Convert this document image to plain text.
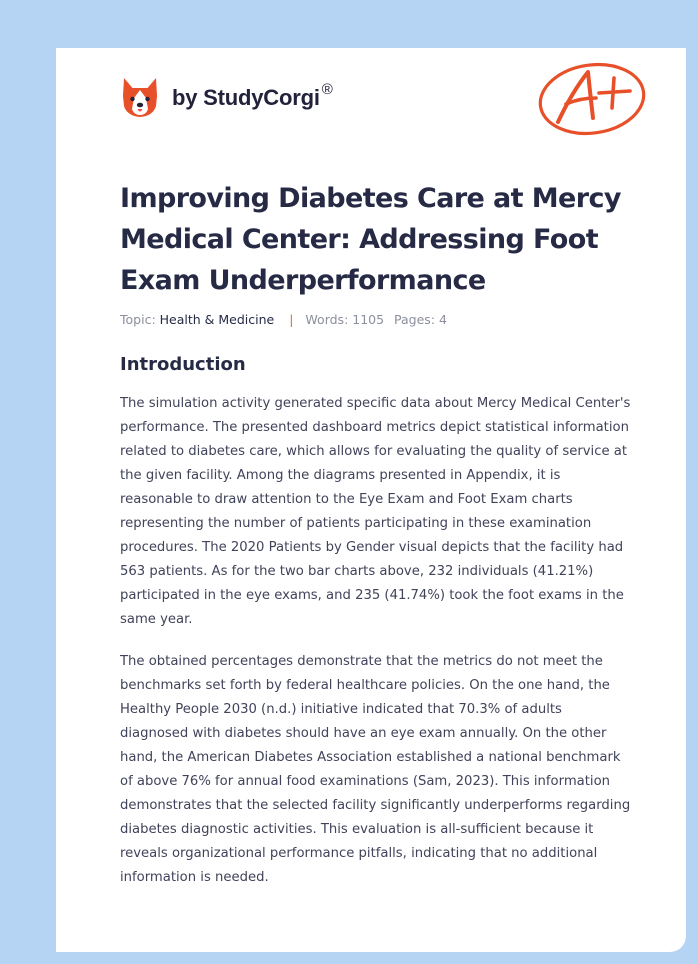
by StudyCorgi ®
Improving Diabetes Care at Mercy Medical Center: Addressing Foot Exam Underperformance
Topic: Health & Medicine | Words: 1105 Pages: 4
Introduction

The simulation activity generated specific data about Mercy Medical Center's performance. The presented dashboard metrics depict statistical information related to diabetes care, which allows for evaluating the quality of service at the given facility. Among the diagrams presented in Appendix, it is reasonable to draw attention to the Eye Exam and Foot Exam charts representing the number of patients participating in these examination procedures. The 2020 Patients by Gender visual depicts that the facility had 563 patients. As for the two bar charts above, 232 individuals (41.21%) participated in the eye exams, and 235 (41.74%) took the foot exams in the same year.

The obtained percentages demonstrate that the metrics do not meet the benchmarks set forth by federal healthcare policies. On the one hand, the Healthy People 2030 (n.d.) initiative indicated that 70.3% of adults diagnosed with diabetes should have an eye exam annually. On the other hand, the American Diabetes Association established a national benchmark of above 76% for annual food examinations (Sam, 2023). This information demonstrates that the selected facility significantly underperforms regarding diabetes diagnostic activities. This evaluation is all-sufficient because it reveals organizational performance pitfalls, indicating that no additional information is needed.
